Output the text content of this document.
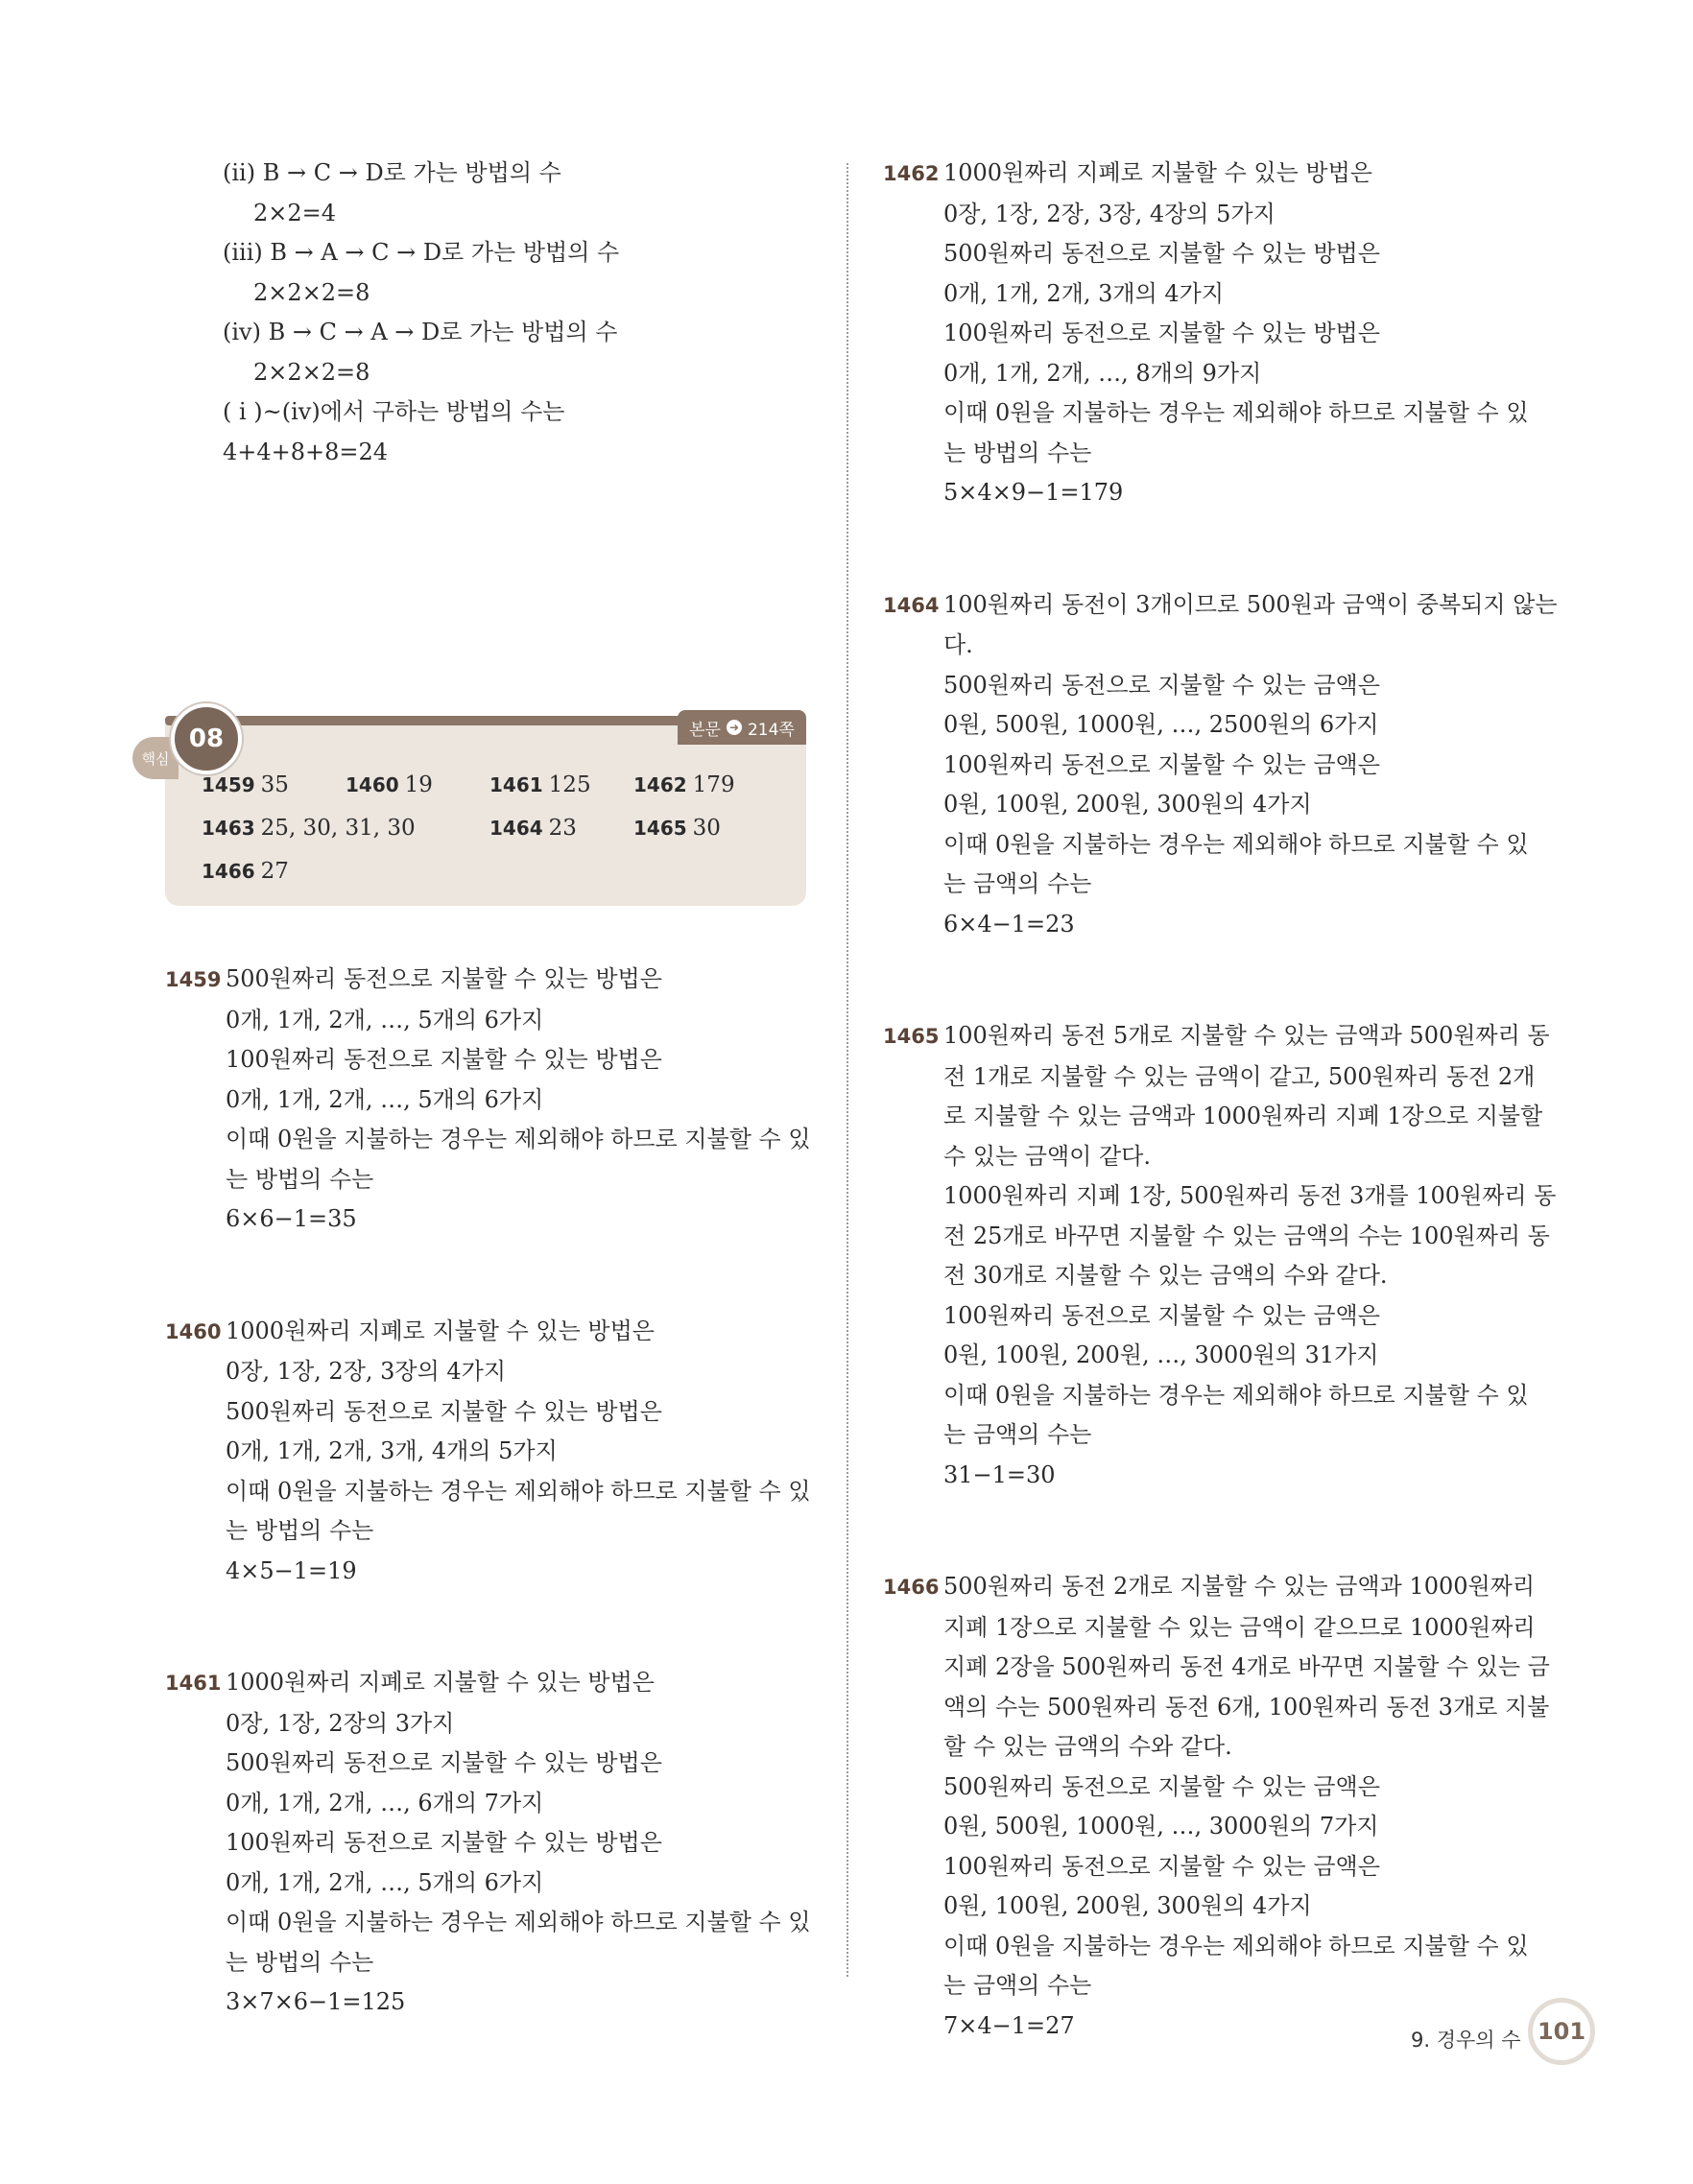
(ii) B → C → D로 가는 방법의 수
2×2=4
(iii) B → A → C → D로 가는 방법의 수
2×2×2=8
(iv) B → C → A → D로 가는 방법의 수
2×2×2=8
( i )~(iv)에서 구하는 방법의 수는
4+4+8+8=24
본문 ➜ 214쪽
핵심
08
1459 35	1460 19	1461 125 1462 179
1463 25, 30, 31, 30	1464 23	1465 30
1466 27
1459 500원짜리 동전으로 지불할 수 있는 방법은
0개, 1개, 2개, …, 5개의 6가지
100원짜리 동전으로 지불할 수 있는 방법은
0개, 1개, 2개, …, 5개의 6가지
이때 0원을 지불하는 경우는 제외해야 하므로 지불할 수 있
는 방법의 수는
6×6−1=35
1460 1000원짜리 지폐로 지불할 수 있는 방법은
0장, 1장, 2장, 3장의 4가지
500원짜리 동전으로 지불할 수 있는 방법은
0개, 1개, 2개, 3개, 4개의 5가지
이때 0원을 지불하는 경우는 제외해야 하므로 지불할 수 있
는 방법의 수는
4×5−1=19
1461 1000원짜리 지폐로 지불할 수 있는 방법은
0장, 1장, 2장의 3가지
500원짜리 동전으로 지불할 수 있는 방법은
0개, 1개, 2개, …, 6개의 7가지
100원짜리 동전으로 지불할 수 있는 방법은
0개, 1개, 2개, …, 5개의 6가지
이때 0원을 지불하는 경우는 제외해야 하므로 지불할 수 있
는 방법의 수는
3×7×6−1=125
1462 1000원짜리 지폐로 지불할 수 있는 방법은
0장, 1장, 2장, 3장, 4장의 5가지
500원짜리 동전으로 지불할 수 있는 방법은
0개, 1개, 2개, 3개의 4가지
100원짜리 동전으로 지불할 수 있는 방법은
0개, 1개, 2개, …, 8개의 9가지
이때 0원을 지불하는 경우는 제외해야 하므로 지불할 수 있
는 방법의 수는
5×4×9−1=179
1464 100원짜리 동전이 3개이므로 500원과 금액이 중복되지 않는
다.
500원짜리 동전으로 지불할 수 있는 금액은
0원, 500원, 1000원, …, 2500원의 6가지
100원짜리 동전으로 지불할 수 있는 금액은
0원, 100원, 200원, 300원의 4가지
이때 0원을 지불하는 경우는 제외해야 하므로 지불할 수 있
는 금액의 수는
6×4−1=23
1465 100원짜리 동전 5개로 지불할 수 있는 금액과 500원짜리 동
전 1개로 지불할 수 있는 금액이 같고, 500원짜리 동전 2개
로 지불할 수 있는 금액과 1000원짜리 지폐 1장으로 지불할
수 있는 금액이 같다.
1000원짜리 지폐 1장, 500원짜리 동전 3개를 100원짜리 동
전 25개로 바꾸면 지불할 수 있는 금액의 수는 100원짜리 동
전 30개로 지불할 수 있는 금액의 수와 같다.
100원짜리 동전으로 지불할 수 있는 금액은
0원, 100원, 200원, …, 3000원의 31가지
이때 0원을 지불하는 경우는 제외해야 하므로 지불할 수 있
는 금액의 수는
31−1=30
1466 500원짜리 동전 2개로 지불할 수 있는 금액과 1000원짜리
지폐 1장으로 지불할 수 있는 금액이 같으므로 1000원짜리
지폐 2장을 500원짜리 동전 4개로 바꾸면 지불할 수 있는 금
액의 수는 500원짜리 동전 6개, 100원짜리 동전 3개로 지불
할 수 있는 금액의 수와 같다.
500원짜리 동전으로 지불할 수 있는 금액은
0원, 500원, 1000원, …, 3000원의 7가지
100원짜리 동전으로 지불할 수 있는 금액은
0원, 100원, 200원, 300원의 4가지
이때 0원을 지불하는 경우는 제외해야 하므로 지불할 수 있
는 금액의 수는
7×4−1=27
9. 경우의 수 101
